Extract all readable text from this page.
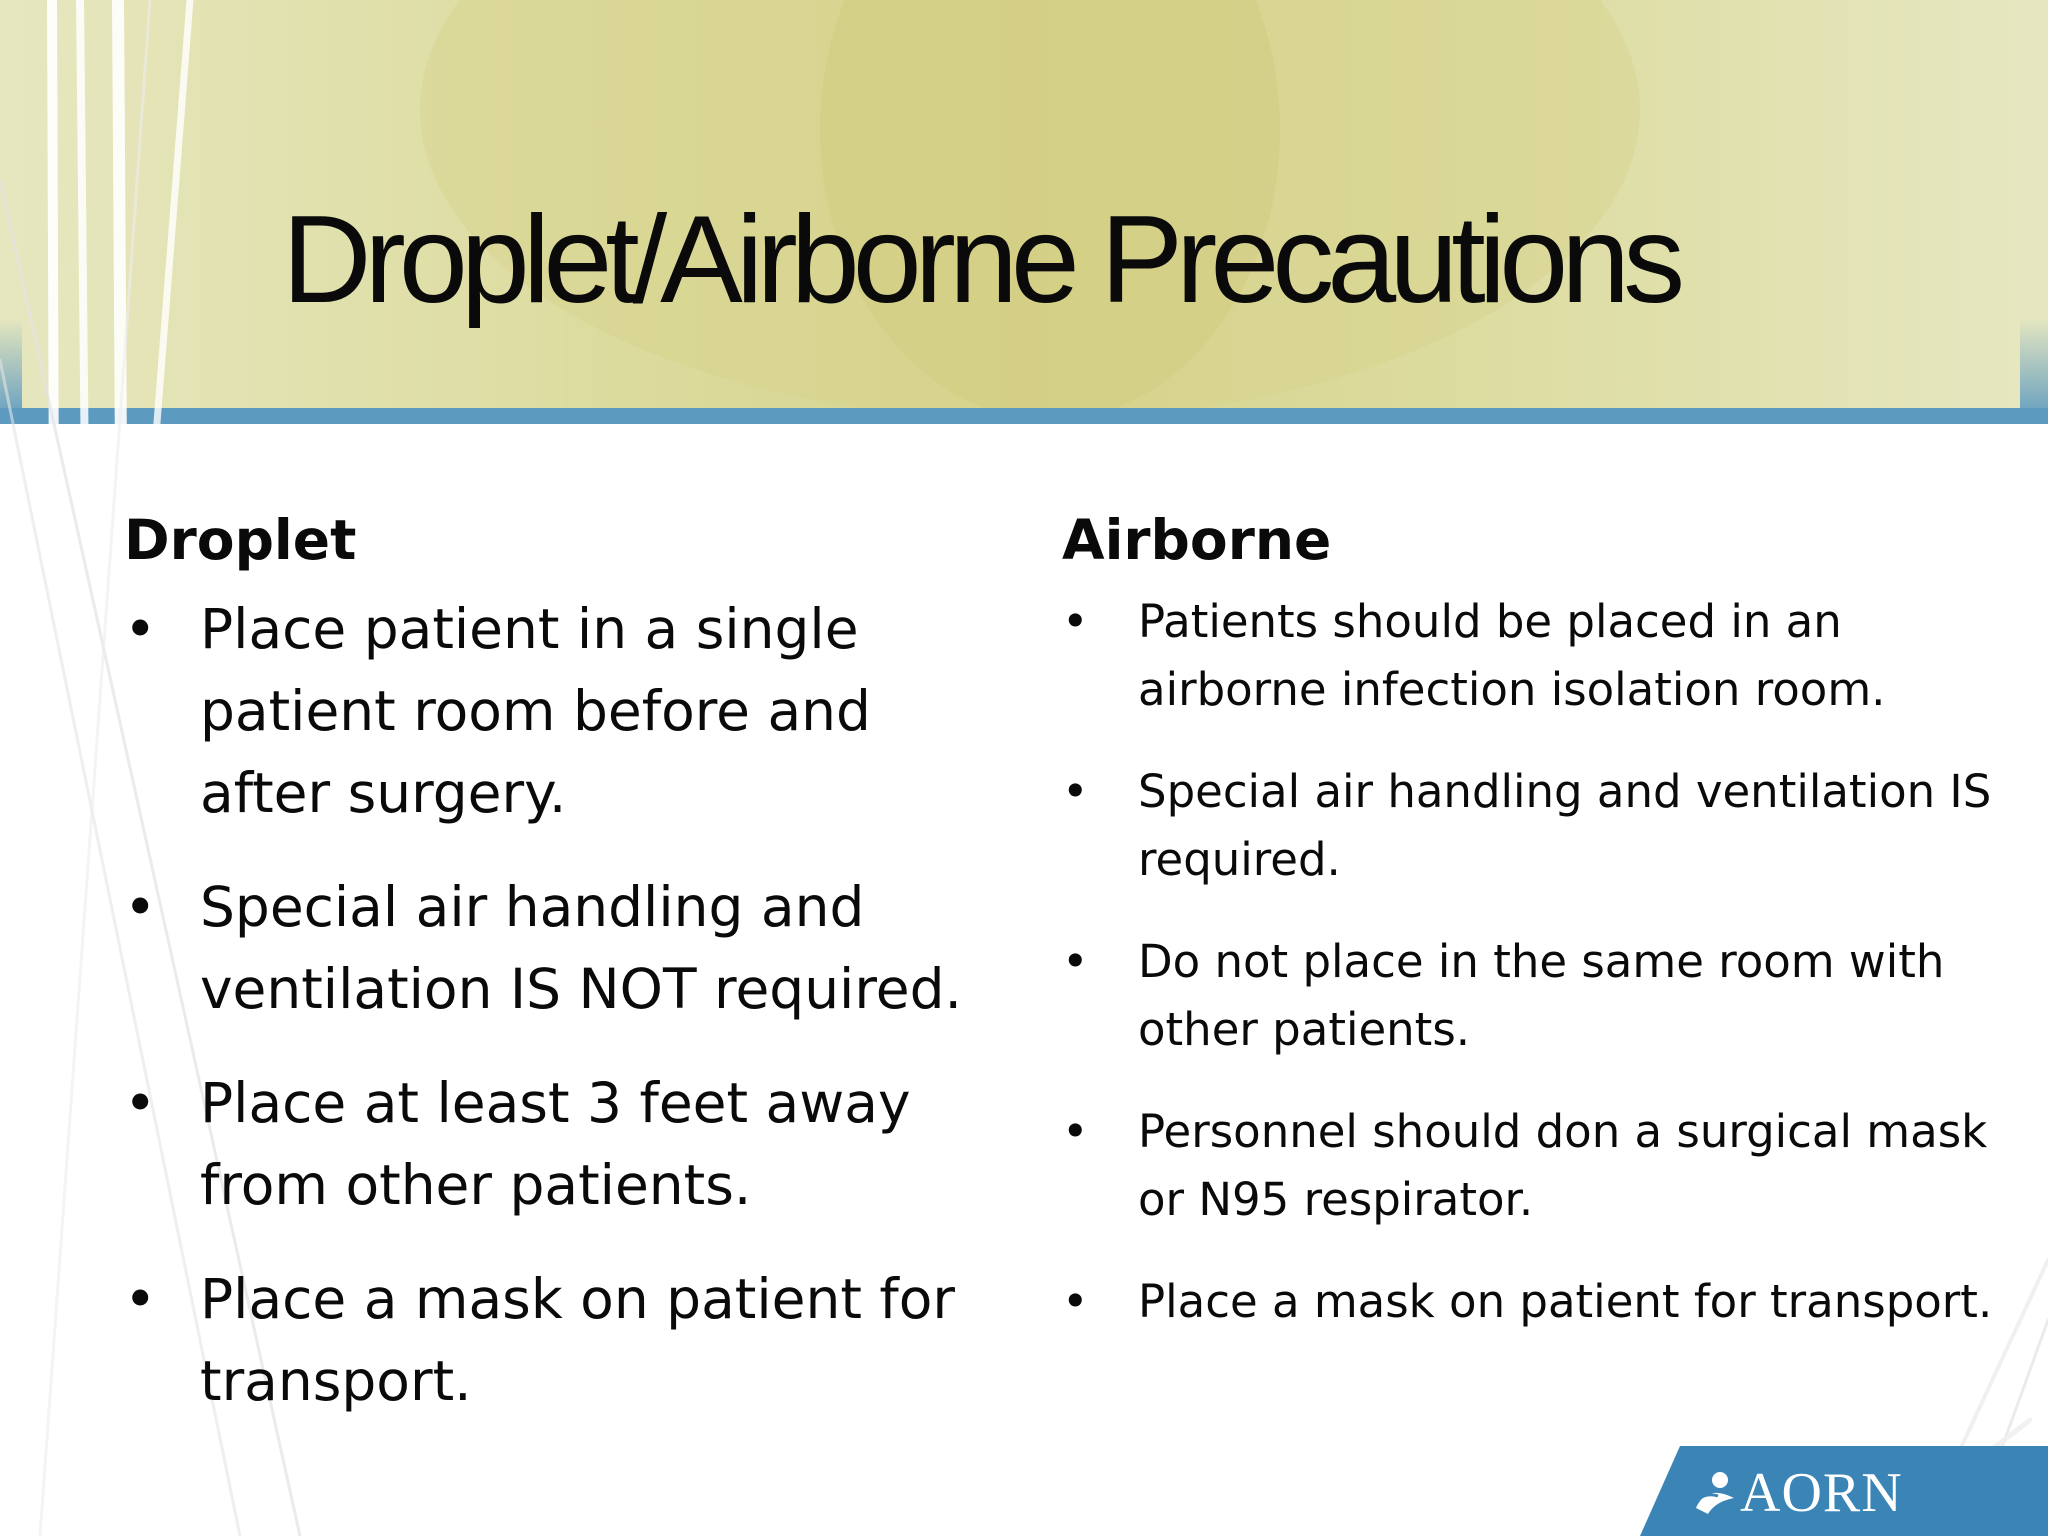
Droplet/Airborne Precautions
Droplet
• Place patient in a single patient room before and after surgery.
• Special air handling and ventilation IS NOT required.
• Place at least 3 feet away from other patients.
• Place a mask on patient for transport.
Airborne
• Patients should be placed in an airborne infection isolation room.
• Special air handling and ventilation IS required.
• Do not place in the same room with other patients.
• Personnel should don a surgical mask or N95 respirator.
• Place a mask on patient for transport.
AORN
